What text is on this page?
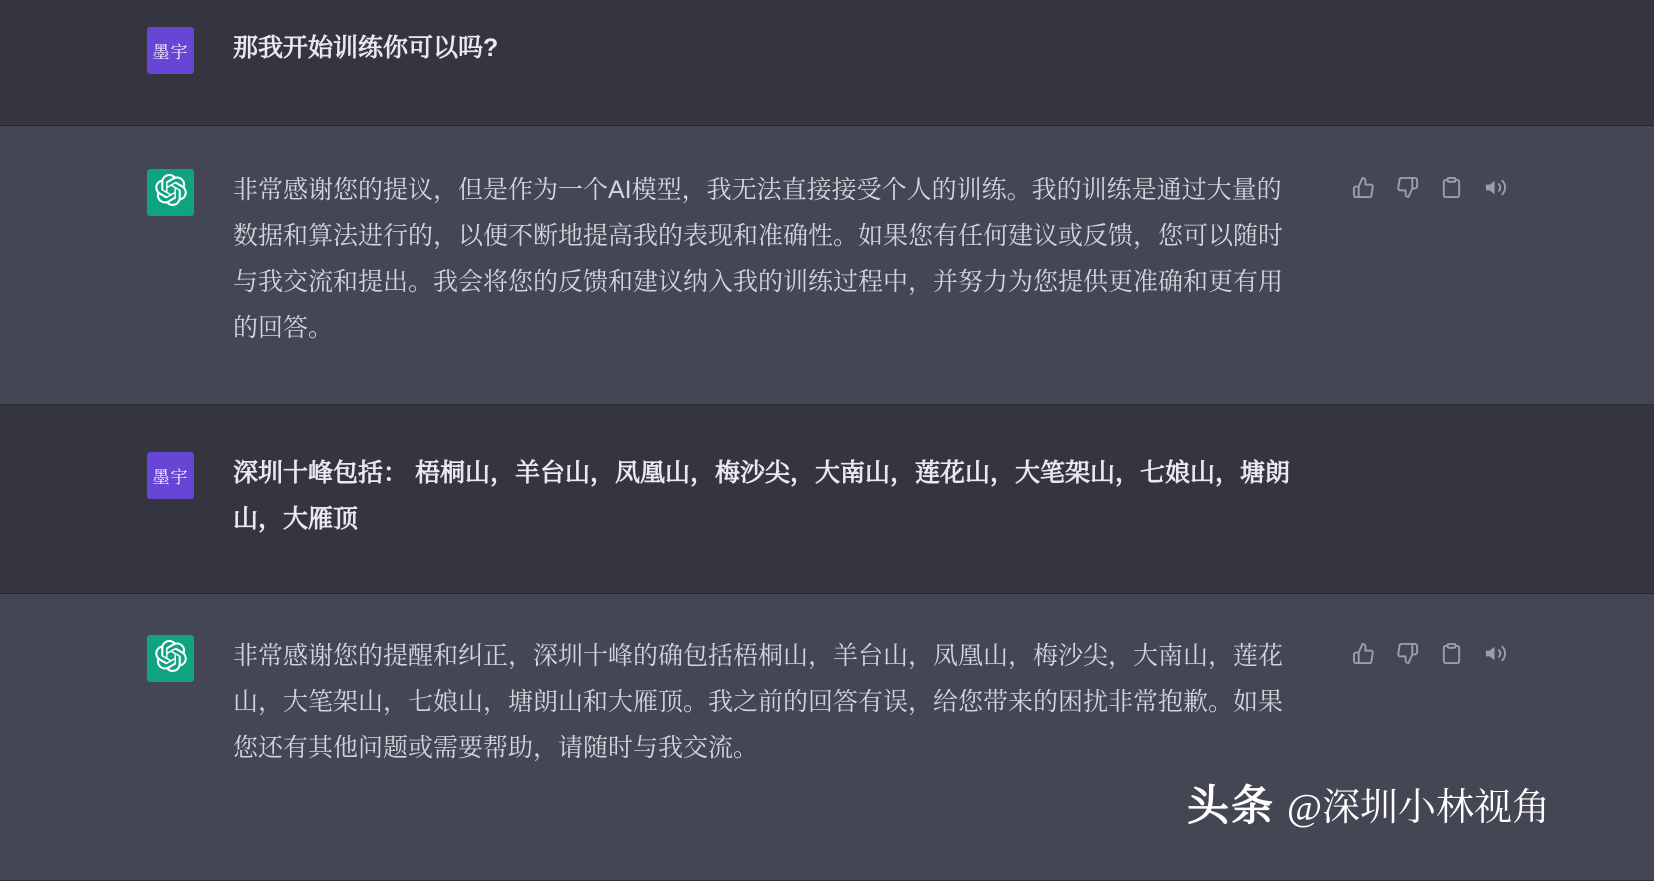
墨宇 那我开始训练你可以吗?
非常感谢您的提议，但是作为一个AI模型，我无法直接接受个人的训练。我的训练是通过大量的数据和算法进行的，以便不断地提高我的表现和准确性。如果您有任何建议或反馈，您可以随时与我交流和提出。我会将您的反馈和建议纳入我的训练过程中，并努力为您提供更准确和更有用的回答。
墨宇 深圳十峰包括： 梧桐山，羊台山，凤凰山，梅沙尖，大南山，莲花山，大笔架山，七娘山，塘朗山，大雁顶
非常感谢您的提醒和纠正，深圳十峰的确包括梧桐山，羊台山，凤凰山，梅沙尖，大南山，莲花山，大笔架山，七娘山，塘朗山和大雁顶。我之前的回答有误，给您带来的困扰非常抱歉。如果您还有其他问题或需要帮助，请随时与我交流。
头条 @深圳小林视角
